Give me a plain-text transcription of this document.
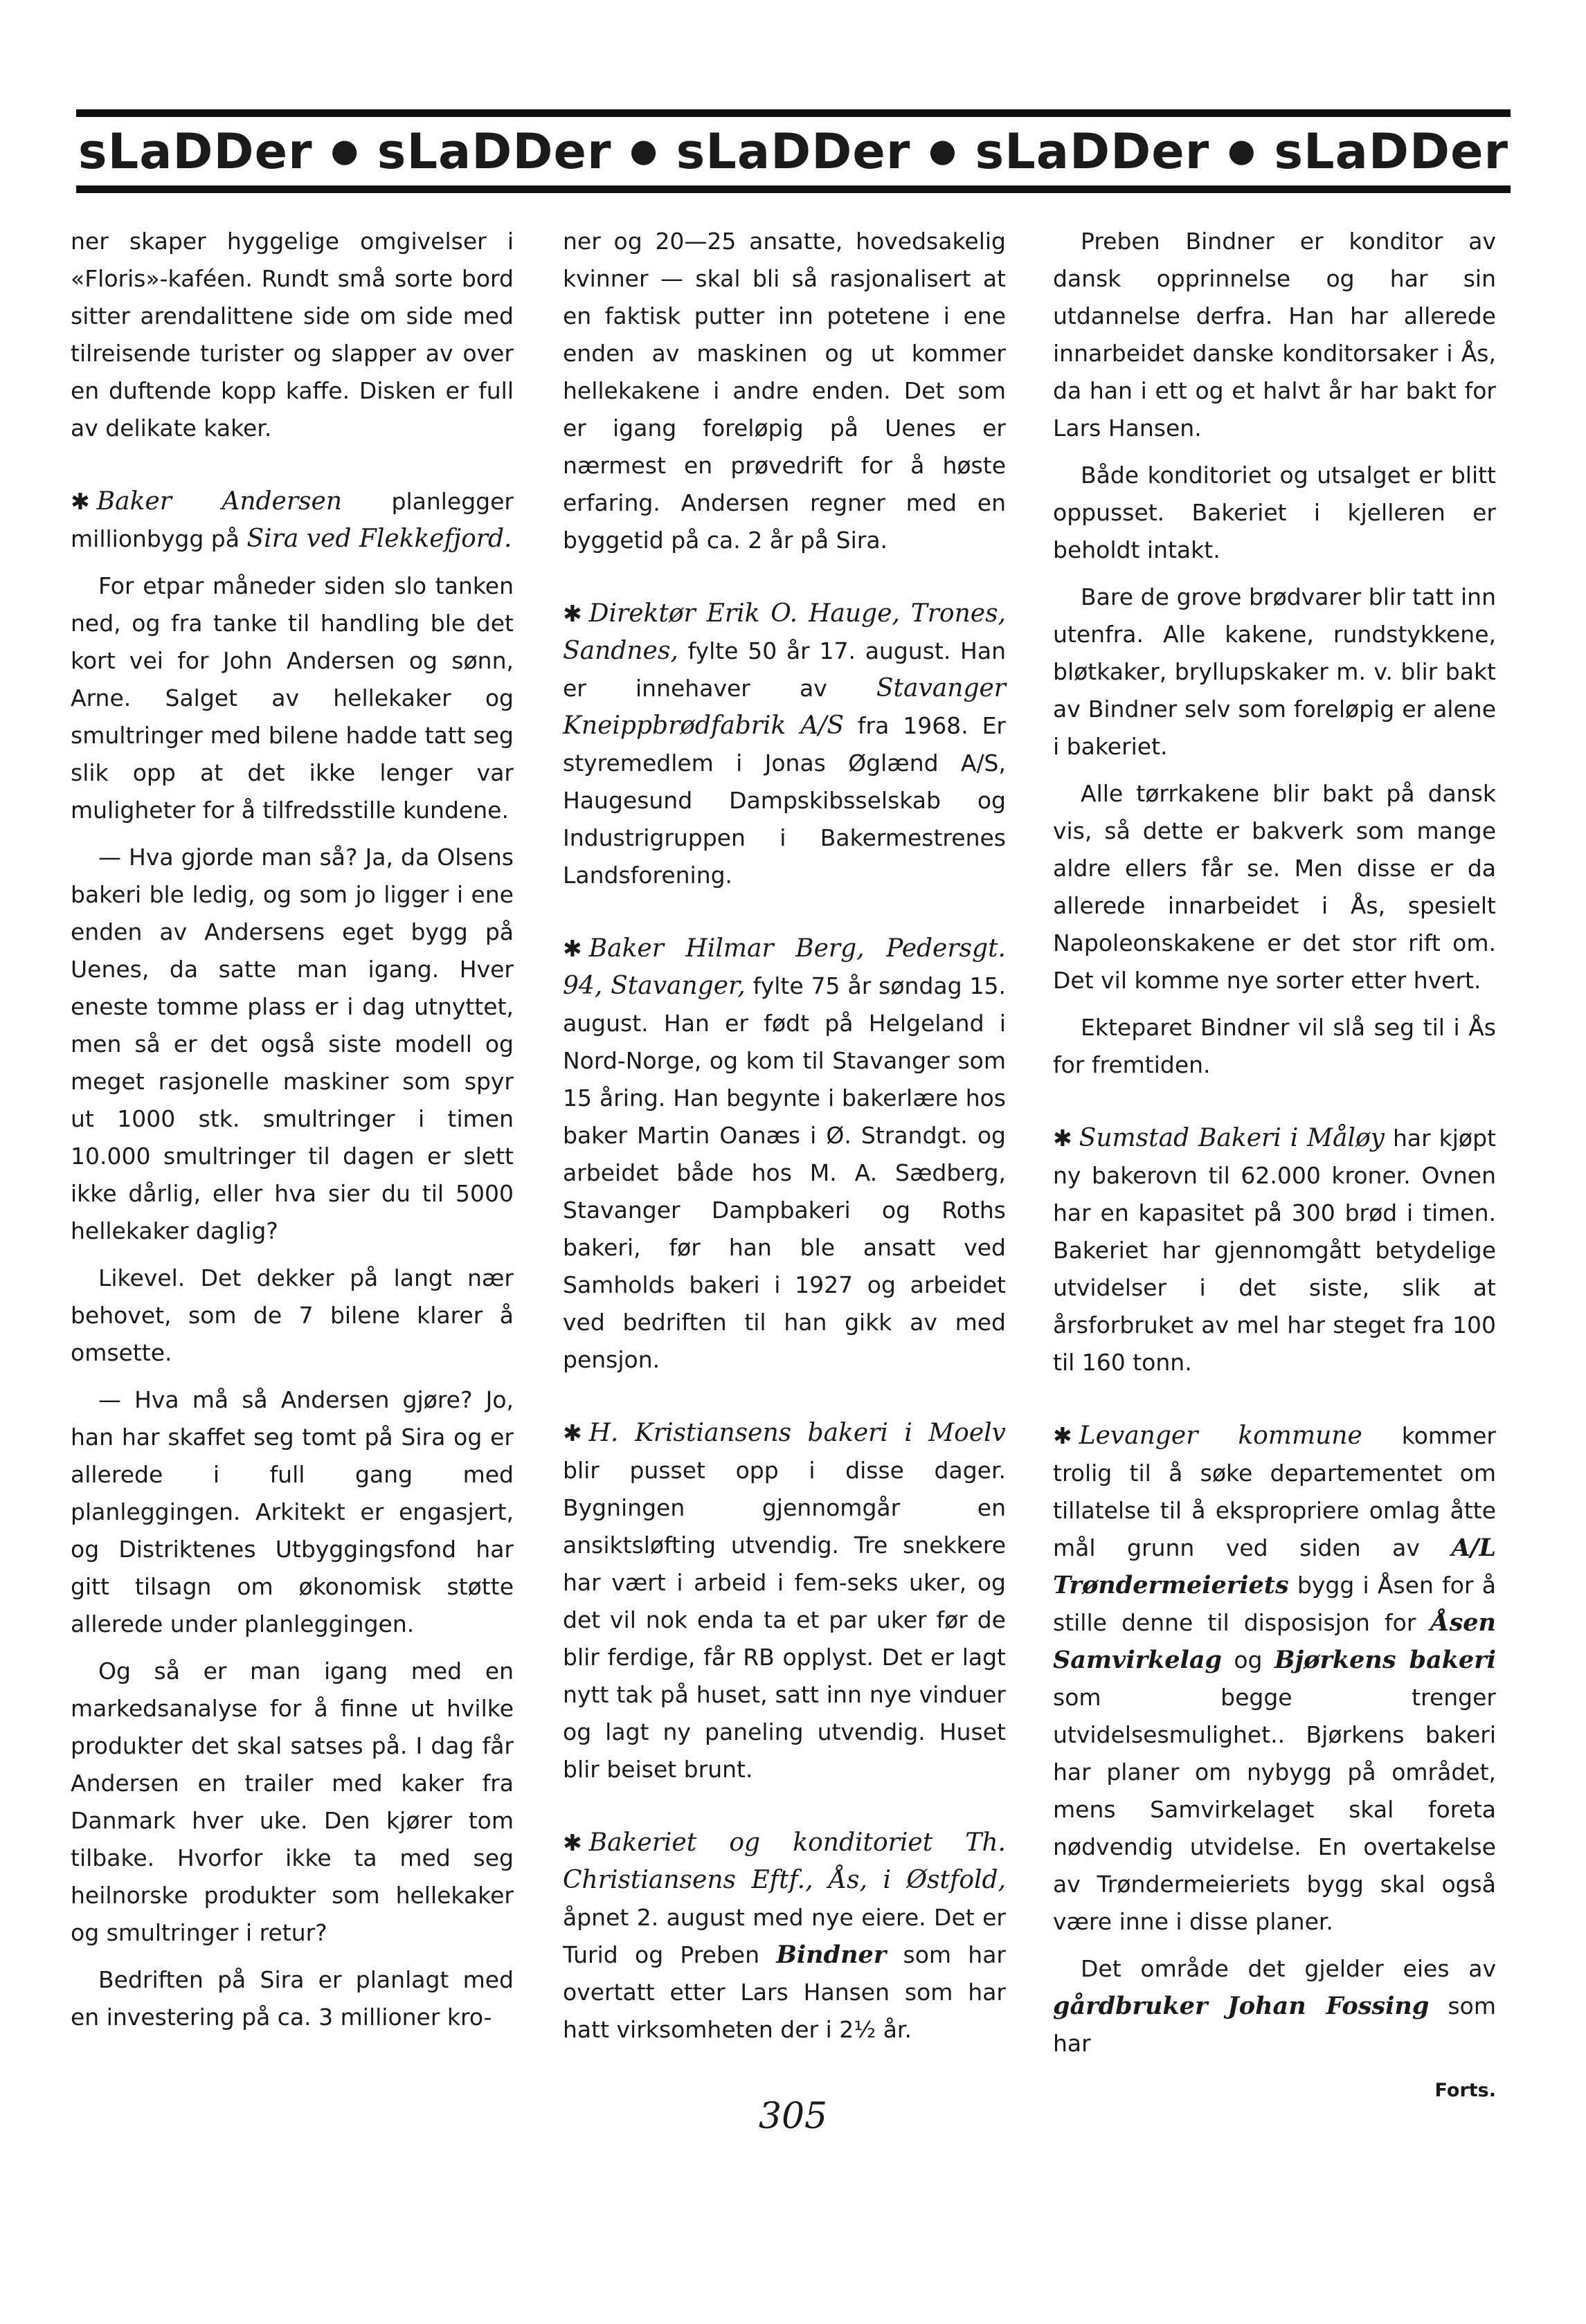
sLaDDer ● sLaDDer ● sLaDDer ● sLaDDer ● sLaDDer

ner skaper hyggelige omgivelser i «Floris»-kaféen. Rundt små sorte bord sitter arendalittene side om side med tilreisende turister og slapper av over en duftende kopp kaffe. Disken er full av delikate kaker.

✱ Baker Andersen planlegger millionbygg på Sira ved Flekkefjord.

For etpar måneder siden slo tanken ned, og fra tanke til handling ble det kort vei for John Andersen og sønn, Arne. Salget av hellekaker og smultringer med bilene hadde tatt seg slik opp at det ikke lenger var muligheter for å tilfredsstille kundene.

— Hva gjorde man så? Ja, da Olsens bakeri ble ledig, og som jo ligger i ene enden av Andersens eget bygg på Uenes, da satte man igang. Hver eneste tomme plass er i dag utnyttet, men så er det også siste modell og meget rasjonelle maskiner som spyr ut 1000 stk. smultringer i timen 10.000 smultringer til dagen er slett ikke dårlig, eller hva sier du til 5000 hellekaker daglig?

Likevel. Det dekker på langt nær behovet, som de 7 bilene klarer å omsette.

— Hva må så Andersen gjøre? Jo, han har skaffet seg tomt på Sira og er allerede i full gang med planleggingen. Arkitekt er engasjert, og Distriktenes Utbyggingsfond har gitt tilsagn om økonomisk støtte allerede under planleggingen.

Og så er man igang med en markedsanalyse for å finne ut hvilke produkter det skal satses på. I dag får Andersen en trailer med kaker fra Danmark hver uke. Den kjører tom tilbake. Hvorfor ikke ta med seg heilnorske produkter som hellekaker og smultringer i retur?

Bedriften på Sira er planlagt med en investering på ca. 3 millioner kro-

ner og 20—25 ansatte, hovedsakelig kvinner — skal bli så rasjonalisert at en faktisk putter inn potetene i ene enden av maskinen og ut kommer hellekakene i andre enden. Det som er igang foreløpig på Uenes er nærmest en prøvedrift for å høste erfaring. Andersen regner med en byggetid på ca. 2 år på Sira.

✱ Direktør Erik O. Hauge, Trones, Sandnes, fylte 50 år 17. august. Han er innehaver av Stavanger Kneippbrødfabrik A/S fra 1968. Er styremedlem i Jonas Øglænd A/S, Haugesund Dampskibsselskab og Industrigruppen i Bakermestrenes Landsforening.

✱ Baker Hilmar Berg, Pedersgt. 94, Stavanger, fylte 75 år søndag 15. august. Han er født på Helgeland i Nord-Norge, og kom til Stavanger som 15 åring. Han begynte i bakerlære hos baker Martin Oanæs i Ø. Strandgt. og arbeidet både hos M. A. Sædberg, Stavanger Dampbakeri og Roths bakeri, før han ble ansatt ved Samholds bakeri i 1927 og arbeidet ved bedriften til han gikk av med pensjon.

✱ H. Kristiansens bakeri i Moelv blir pusset opp i disse dager. Bygningen gjennomgår en ansiktsløfting utvendig. Tre snekkere har vært i arbeid i fem-seks uker, og det vil nok enda ta et par uker før de blir ferdige, får RB opplyst. Det er lagt nytt tak på huset, satt inn nye vinduer og lagt ny paneling utvendig. Huset blir beiset brunt.

✱ Bakeriet og konditoriet Th. Christiansens Eftf., Ås, i Østfold, åpnet 2. august med nye eiere. Det er Turid og Preben Bindner som har overtatt etter Lars Hansen som har hatt virksomheten der i 2½ år.

Preben Bindner er konditor av dansk opprinnelse og har sin utdannelse derfra. Han har allerede innarbeidet danske konditorsaker i Ås, da han i ett og et halvt år har bakt for Lars Hansen.

Både konditoriet og utsalget er blitt oppusset. Bakeriet i kjelleren er beholdt intakt.

Bare de grove brødvarer blir tatt inn utenfra. Alle kakene, rundstykkene, bløtkaker, bryllupskaker m. v. blir bakt av Bindner selv som foreløpig er alene i bakeriet.

Alle tørrkakene blir bakt på dansk vis, så dette er bakverk som mange aldre ellers får se. Men disse er da allerede innarbeidet i Ås, spesielt Napoleonskakene er det stor rift om. Det vil komme nye sorter etter hvert.

Ekteparet Bindner vil slå seg til i Ås for fremtiden.

✱ Sumstad Bakeri i Måløy har kjøpt ny bakerovn til 62.000 kroner. Ovnen har en kapasitet på 300 brød i timen. Bakeriet har gjennomgått betydelige utvidelser i det siste, slik at årsforbruket av mel har steget fra 100 til 160 tonn.

✱ Levanger kommune kommer trolig til å søke departementet om tillatelse til å ekspropriere omlag åtte mål grunn ved siden av A/L Trøndermeieriets bygg i Åsen for å stille denne til disposisjon for Åsen Samvirkelag og Bjørkens bakeri som begge trenger utvidelsesmulighet.. Bjørkens bakeri har planer om nybygg på området, mens Samvirkelaget skal foreta nødvendig utvidelse. En overtakelse av Trøndermeieriets bygg skal også være inne i disse planer.

Det område det gjelder eies av gårdbruker Johan Fossing som har

Forts.
305
